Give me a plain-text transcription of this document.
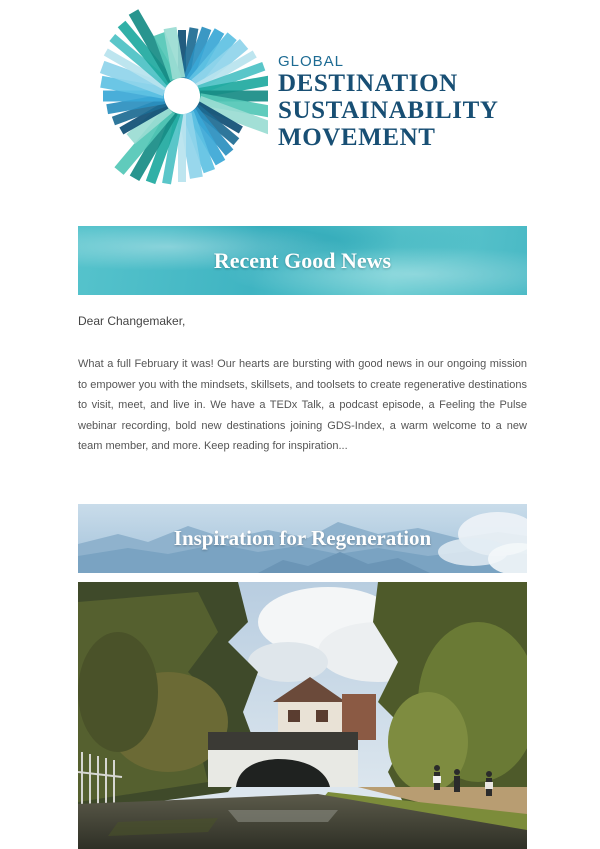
GLOBAL
DESTINATION
SUSTAINABILITY
MOVEMENT
Recent Good News
Dear Changemaker,

What a full February it was! Our hearts are bursting with good news in our ongoing mission to empower you with the mindsets, skillsets, and toolsets to create regenerative destinations to visit, meet, and live in. We have a TEDx Talk, a podcast episode, a Feeling the Pulse webinar recording, bold new destinations joining GDS-Index, a warm welcome to a new team member, and more. Keep reading for inspiration...

Inspiration for Regeneration
